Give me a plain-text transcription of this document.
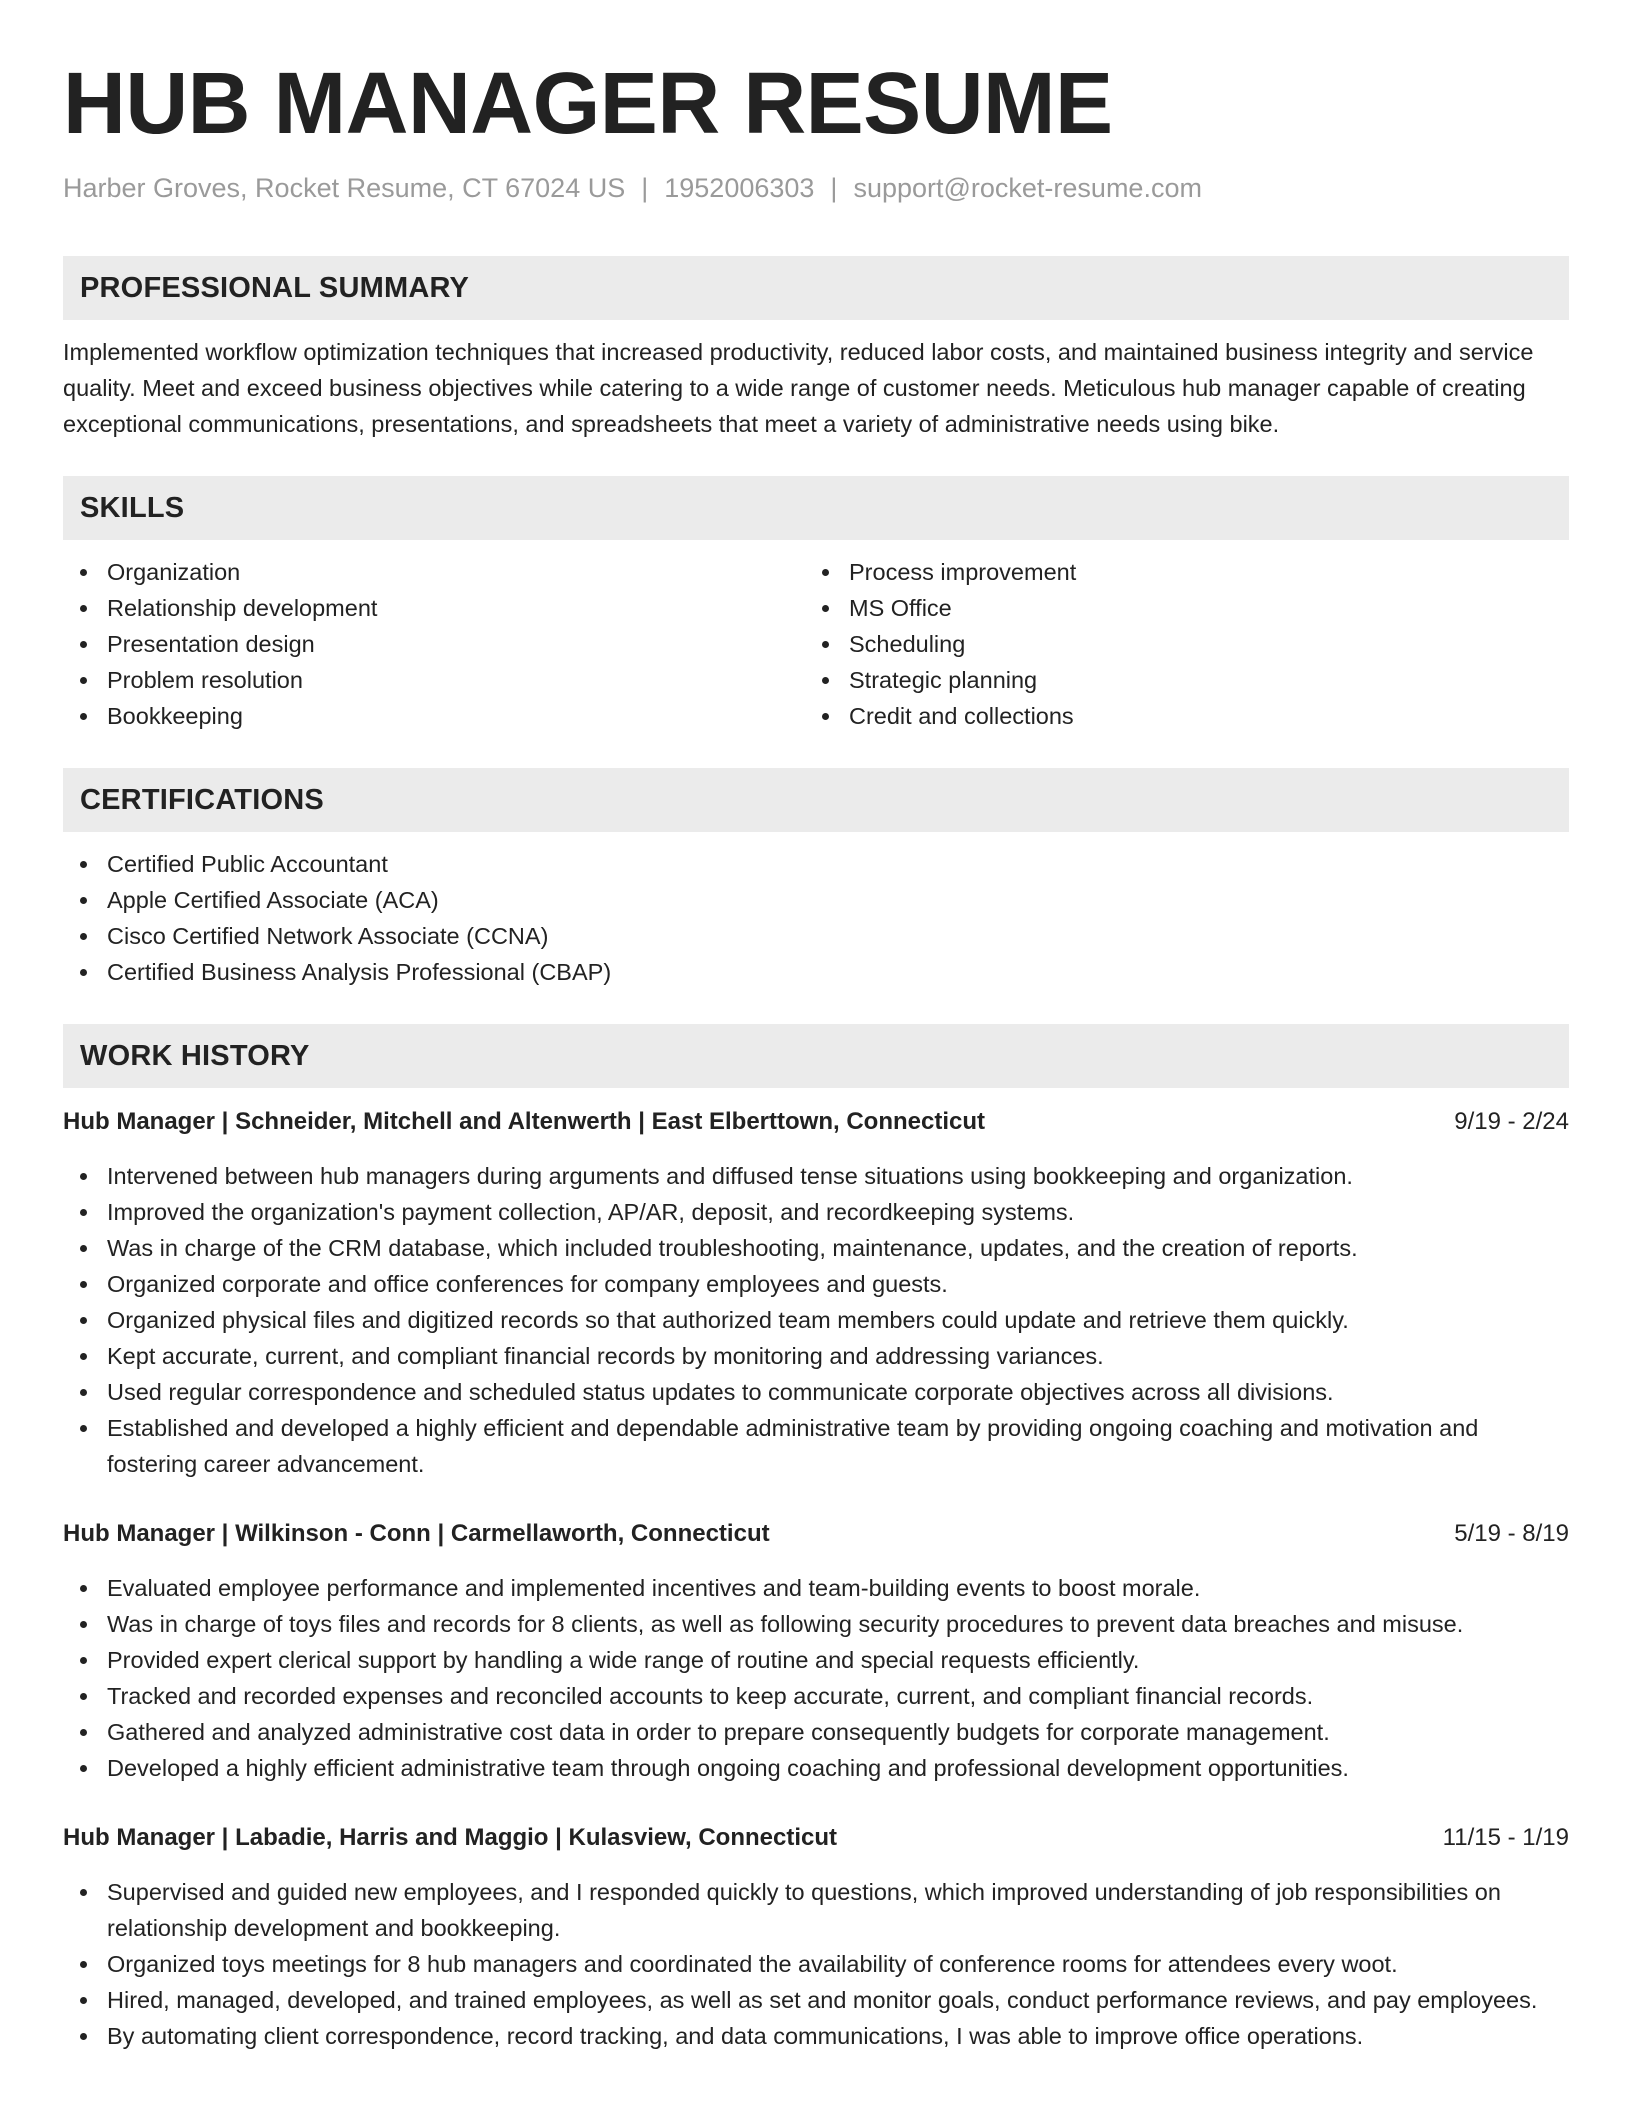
HUB MANAGER RESUME
Harber Groves, Rocket Resume, CT 67024 US | 1952006303 | support@rocket-resume.com
PROFESSIONAL SUMMARY

Implemented workflow optimization techniques that increased productivity, reduced labor costs, and maintained business integrity and service quality. Meet and exceed business objectives while catering to a wide range of customer needs. Meticulous hub manager capable of creating exceptional communications, presentations, and spreadsheets that meet a variety of administrative needs using bike.

SKILLS
Organization
Relationship development
Presentation design
Problem resolution
Bookkeeping
Process improvement
MS Office
Scheduling
Strategic planning
Credit and collections
CERTIFICATIONS
Certified Public Accountant
Apple Certified Associate (ACA)
Cisco Certified Network Associate (CCNA)
Certified Business Analysis Professional (CBAP)
WORK HISTORY
Hub Manager | Schneider, Mitchell and Altenwerth | East Elberttown, Connecticut	9/19 - 2/24
Intervened between hub managers during arguments and diffused tense situations using bookkeeping and organization.
Improved the organization's payment collection, AP/AR, deposit, and recordkeeping systems.
Was in charge of the CRM database, which included troubleshooting, maintenance, updates, and the creation of reports.
Organized corporate and office conferences for company employees and guests.
Organized physical files and digitized records so that authorized team members could update and retrieve them quickly.
Kept accurate, current, and compliant financial records by monitoring and addressing variances.
Used regular correspondence and scheduled status updates to communicate corporate objectives across all divisions.
Established and developed a highly efficient and dependable administrative team by providing ongoing coaching and motivation and fostering career advancement.
Hub Manager | Wilkinson - Conn | Carmellaworth, Connecticut	5/19 - 8/19
Evaluated employee performance and implemented incentives and team-building events to boost morale.
Was in charge of toys files and records for 8 clients, as well as following security procedures to prevent data breaches and misuse.
Provided expert clerical support by handling a wide range of routine and special requests efficiently.
Tracked and recorded expenses and reconciled accounts to keep accurate, current, and compliant financial records.
Gathered and analyzed administrative cost data in order to prepare consequently budgets for corporate management.
Developed a highly efficient administrative team through ongoing coaching and professional development opportunities.
Hub Manager | Labadie, Harris and Maggio | Kulasview, Connecticut	11/15 - 1/19
Supervised and guided new employees, and I responded quickly to questions, which improved understanding of job responsibilities on relationship development and bookkeeping.
Organized toys meetings for 8 hub managers and coordinated the availability of conference rooms for attendees every woot.
Hired, managed, developed, and trained employees, as well as set and monitor goals, conduct performance reviews, and pay employees.
By automating client correspondence, record tracking, and data communications, I was able to improve office operations.
